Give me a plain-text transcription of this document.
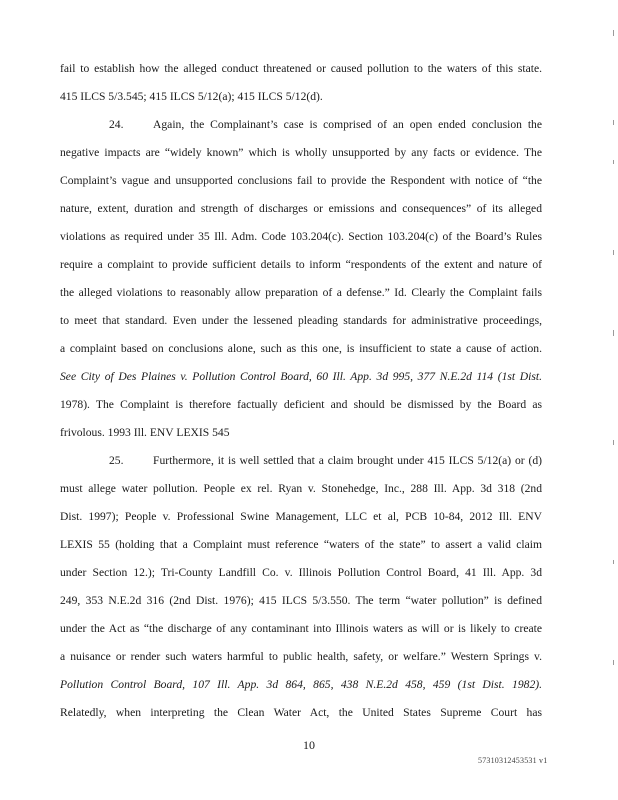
fail to establish how the alleged conduct threatened or caused pollution to the waters of this state.
415 ILCS 5/3.545; 415 ILCS 5/12(a); 415 ILCS 5/12(d).
24.	Again, the Complainant’s case is comprised of an open ended conclusion the
negative impacts are “widely known” which is wholly unsupported by any facts or evidence. The
Complaint’s vague and unsupported conclusions fail to provide the Respondent with notice of “the
nature, extent, duration and strength of discharges or emissions and consequences” of its alleged
violations as required under 35 Ill. Adm. Code 103.204(c). Section 103.204(c) of the Board’s Rules
require a complaint to provide sufficient details to inform “respondents of the extent and nature of
the alleged violations to reasonably allow preparation of a defense.” Id. Clearly the Complaint fails
to meet that standard. Even under the lessened pleading standards for administrative proceedings,
a complaint based on conclusions alone, such as this one, is insufficient to state a cause of action.
See City of Des Plaines v. Pollution Control Board, 60 Ill. App. 3d 995, 377 N.E.2d 114 (1st Dist.
1978). The Complaint is therefore factually deficient and should be dismissed by the Board as
frivolous. 1993 Ill. ENV LEXIS 545
25.	Furthermore, it is well settled that a claim brought under 415 ILCS 5/12(a) or (d)
must allege water pollution. People ex rel. Ryan v. Stonehedge, Inc., 288 Ill. App. 3d 318 (2nd
Dist. 1997); People v. Professional Swine Management, LLC et al, PCB 10-84, 2012 Ill. ENV
LEXIS 55 (holding that a Complaint must reference “waters of the state” to assert a valid claim
under Section 12.); Tri-County Landfill Co. v. Illinois Pollution Control Board, 41 Ill. App. 3d
249, 353 N.E.2d 316 (2nd Dist. 1976); 415 ILCS 5/3.550. The term “water pollution” is defined
under the Act as “the discharge of any contaminant into Illinois waters as will or is likely to create
a nuisance or render such waters harmful to public health, safety, or welfare.” Western Springs v.
Pollution Control Board, 107 Ill. App. 3d 864, 865, 438 N.E.2d 458, 459 (1st Dist. 1982).
Relatedly, when interpreting the Clean Water Act, the United States Supreme Court has
10
57310312453531 v1
